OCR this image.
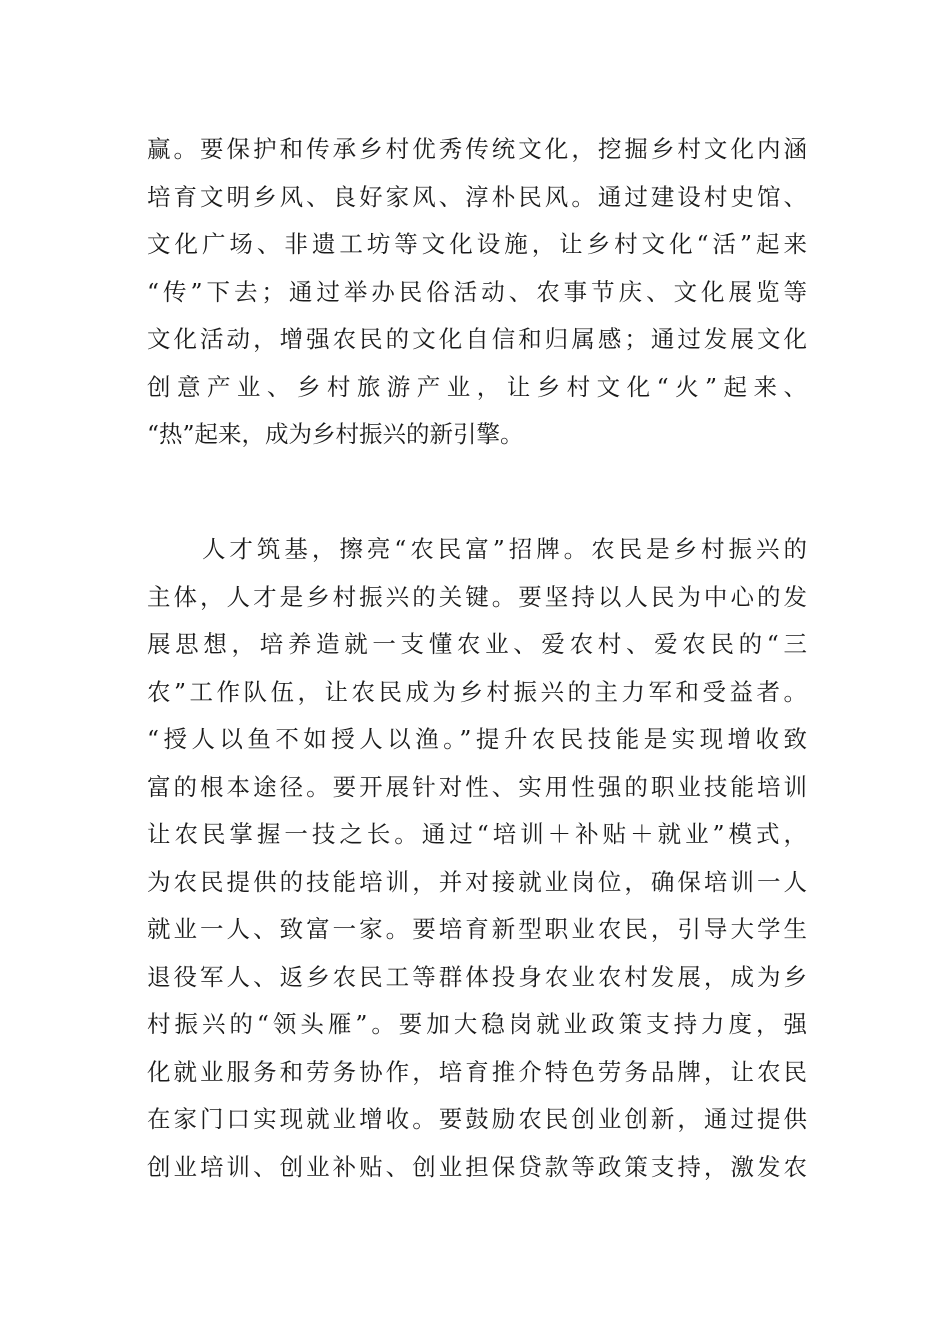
赢。要保护和传承乡村优秀传统文化，挖掘乡村文化内涵
培育文明乡风、良好家风、淳朴民风。通过建设村史馆、
文化广场、非遗工坊等文化设施，让乡村文化“活”起来
“传”下去；通过举办民俗活动、农事节庆、文化展览等
文化活动，增强农民的文化自信和归属感；通过发展文化
创意产业、乡村旅游产业，让乡村文化“火”起来、
“热”起来，成为乡村振兴的新引擎。
　　人才筑基，擦亮“农民富”招牌。农民是乡村振兴的
主体，人才是乡村振兴的关键。要坚持以人民为中心的发
展思想，培养造就一支懂农业、爱农村、爱农民的“三
农”工作队伍，让农民成为乡村振兴的主力军和受益者。
“授人以鱼不如授人以渔。”提升农民技能是实现增收致
富的根本途径。要开展针对性、实用性强的职业技能培训
让农民掌握一技之长。通过“培训＋补贴＋就业”模式，
为农民提供的技能培训，并对接就业岗位，确保培训一人
就业一人、致富一家。要培育新型职业农民，引导大学生
退役军人、返乡农民工等群体投身农业农村发展，成为乡
村振兴的“领头雁”。要加大稳岗就业政策支持力度，强
化就业服务和劳务协作，培育推介特色劳务品牌，让农民
在家门口实现就业增收。要鼓励农民创业创新，通过提供
创业培训、创业补贴、创业担保贷款等政策支持，激发农
